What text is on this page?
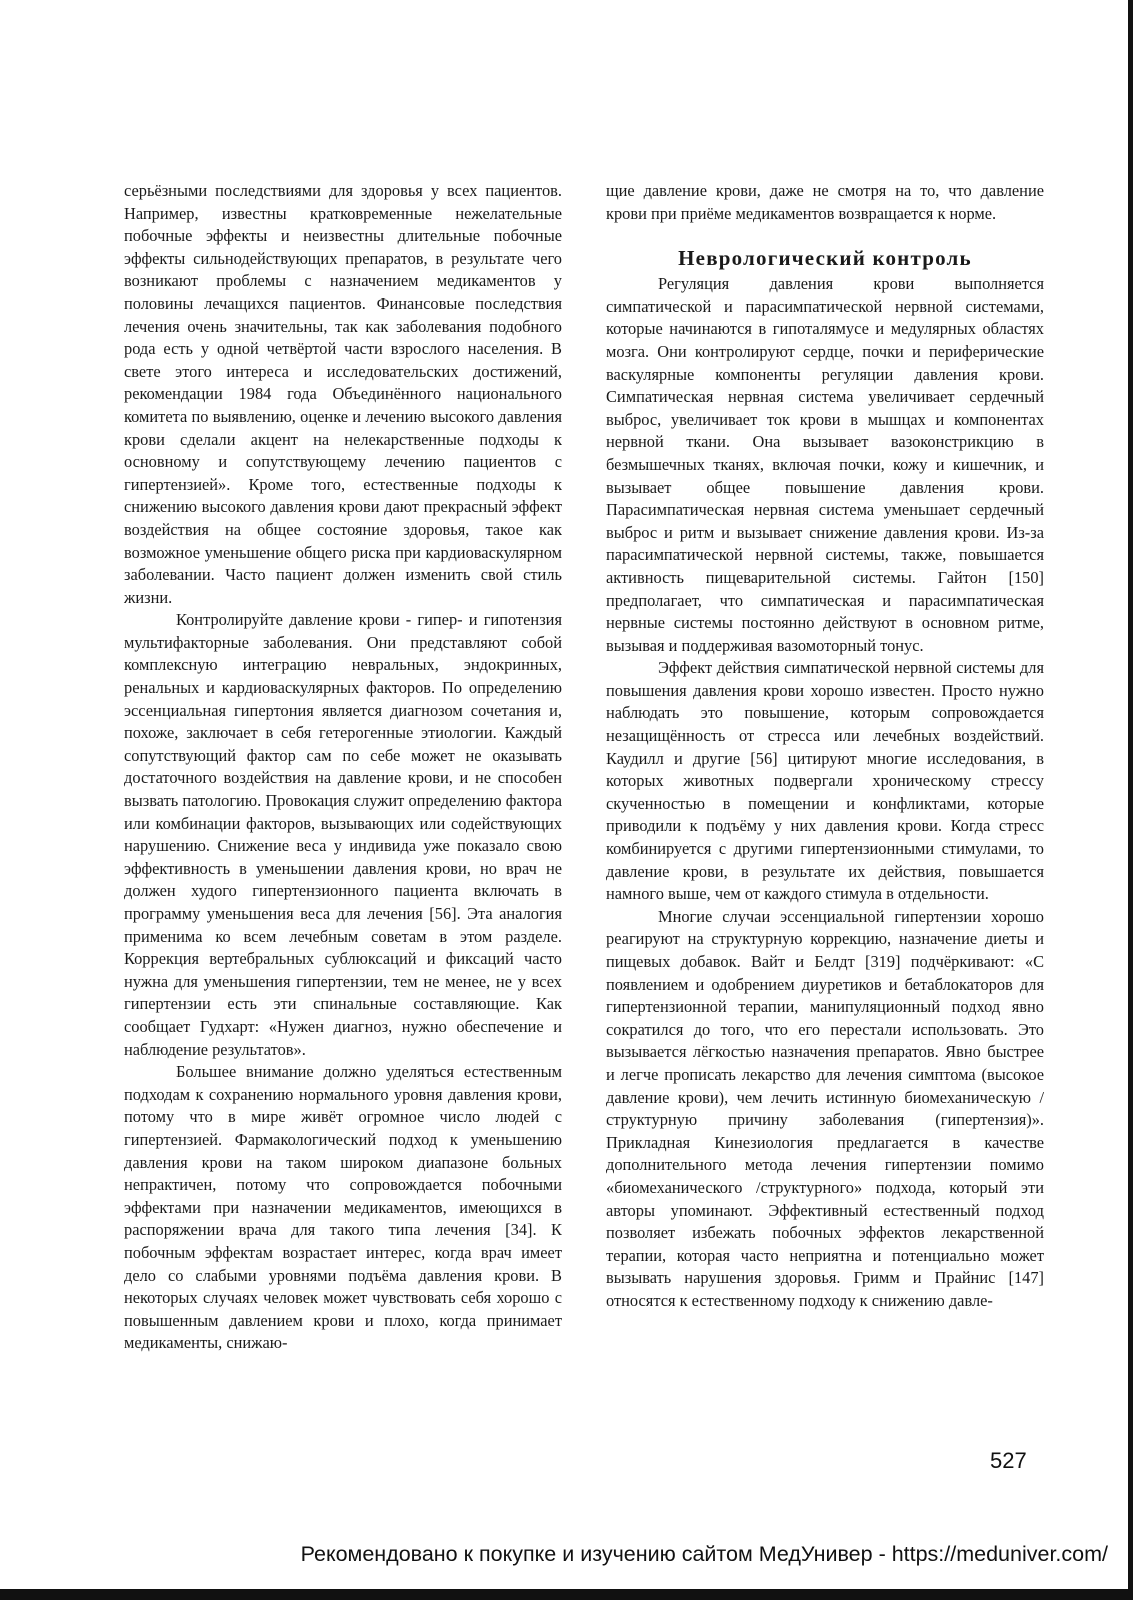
серьёзными последствиями для здоровья у всех пациентов. Например, известны кратковременные нежелательные побочные эффекты и неизвестны длительные побочные эффекты сильнодействующих препаратов, в результате чего возникают проблемы с назначением медикаментов у половины лечащихся пациентов. Финансовые последствия лечения очень значительны, так как заболевания подобного рода есть у одной четвёртой части взрослого населения. В свете этого интереса и исследовательских достижений, рекомендации 1984 года Объединённого национального комитета по выявлению, оценке и лечению высокого давления крови сделали акцент на нелекарственные подходы к основному и сопутствующему лечению пациентов с гипертензией». Кроме того, естественные подходы к снижению высокого давления крови дают прекрасный эффект воздействия на общее состояние здоровья, такое как возможное уменьшение общего риска при кардиоваскулярном заболевании. Часто пациент должен изменить свой стиль жизни.

Контролируйте давление крови - гипер- и гипотензия мультифакторные заболевания. Они представляют собой комплексную интеграцию невральных, эндокринных, ренальных и кардиоваскулярных факторов. По определению эссенциальная гипертония является диагнозом сочетания и, похоже, заключает в себя гетерогенные этиологии. Каждый сопутствующий фактор сам по себе может не оказывать достаточного воздействия на давление крови, и не способен вызвать патологию. Провокация служит определению фактора или комбинации факторов, вызывающих или содействующих нарушению. Снижение веса у индивида уже показало свою эффективность в уменьшении давления крови, но врач не должен худого гипертензионного пациента включать в программу уменьшения веса для лечения [56]. Эта аналогия применима ко всем лечебным советам в этом разделе. Коррекция вертебральных сублюксаций и фиксаций часто нужна для уменьшения гипертензии, тем не менее, не у всех гипертензии есть эти спинальные составляющие. Как сообщает Гудхарт: «Нужен диагноз, нужно обеспечение и наблюдение результатов».

Большее внимание должно уделяться естественным подходам к сохранению нормального уровня давления крови, потому что в мире живёт огромное число людей с гипертензией. Фармакологический подход к уменьшению давления крови на таком широком диапазоне больных непрактичен, потому что сопровождается побочными эффектами при назначении медикаментов, имеющихся в распоряжении врача для такого типа лечения [34]. К побочным эффектам возрастает интерес, когда врач имеет дело со слабыми уровнями подъёма давления крови. В некоторых случаях человек может чувствовать себя хорошо с повышенным давлением крови и плохо, когда принимает медикаменты, снижаю-

щие давление крови, даже не смотря на то, что давление крови при приёме медикаментов возвращается к норме.

Неврологический контроль

Регуляция давления крови выполняется симпатической и парасимпатической нервной системами, которые начинаются в гипоталямусе и медулярных областях мозга. Они контролируют сердце, почки и периферические васкулярные компоненты регуляции давления крови. Симпатическая нервная система увеличивает сердечный выброс, увеличивает ток крови в мышцах и компонентах нервной ткани. Она вызывает вазоконстрикцию в безмышечных тканях, включая почки, кожу и кишечник, и вызывает общее повышение давления крови. Парасимпатическая нервная система уменьшает сердечный выброс и ритм и вызывает снижение давления крови. Из-за парасимпатической нервной системы, также, повышается активность пищеварительной системы. Гайтон [150] предполагает, что симпатическая и парасимпатическая нервные системы постоянно действуют в основном ритме, вызывая и поддерживая вазомоторный тонус.

Эффект действия симпатической нервной системы для повышения давления крови хорошо известен. Просто нужно наблюдать это повышение, которым сопровождается незащищённость от стресса или лечебных воздействий. Каудилл и другие [56] цитируют многие исследования, в которых животных подвергали хроническому стрессу скученностью в помещении и конфликтами, которые приводили к подъёму у них давления крови. Когда стресс комбинируется с другими гипертензионными стимулами, то давление крови, в результате их действия, повышается намного выше, чем от каждого стимула в отдельности.

Многие случаи эссенциальной гипертензии хорошо реагируют на структурную коррекцию, назначение диеты и пищевых добавок. Вайт и Белдт [319] подчёркивают: «С появлением и одобрением диуретиков и бетаблокаторов для гипертензионной терапии, манипуляционный подход явно сократился до того, что его перестали использовать. Это вызывается лёгкостью назначения препаратов. Явно быстрее и легче прописать лекарство для лечения симптома (высокое давление крови), чем лечить истинную биомеханическую /структурную причину заболевания (гипертензия)». Прикладная Кинезиология предлагается в качестве дополнительного метода лечения гипертензии помимо «биомеханического /структурного» подхода, который эти авторы упоминают. Эффективный естественный подход позволяет избежать побочных эффектов лекарственной терапии, которая часто неприятна и потенциально может вызывать нарушения здоровья. Гримм и Прайнис [147] относятся к естественному подходу к снижению давле-

527
Рекомендовано к покупке и изучению сайтом МедУнивер - https://meduniver.com/
